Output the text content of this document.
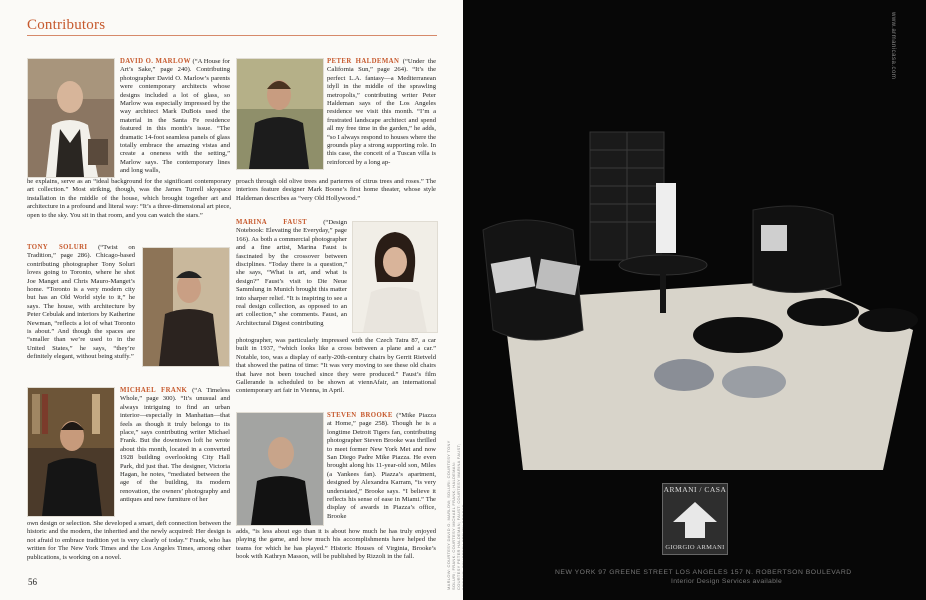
Contributors

DAVID O. MARLOW (“A House for Art’s Sake,” page 240). Contributing photographer David O. Marlow’s parents were contemporary architects whose designs included a lot of glass, so Marlow was especially impressed by the way architect Mark DuBois used the material in the Santa Fe residence featured in this month’s issue. “The dramatic 14-foot seamless panels of glass totally embrace the amazing vistas and create a oneness with the setting,” Marlow says. The contemporary lines and long walls,

he explains, serve as an “ideal background for the significant contemporary art collection.” Most striking, though, was the James Turrell skyspace installation in the middle of the house, which brought together art and architecture in a profound and literal way: “It’s a three-dimensional art piece, open to the sky. You sit in that room, and you can watch the stars.”

TONY SOLURI (“Twist on Tradition,” page 286). Chicago-based contributing photographer Tony Soluri loves going to Toronto, where he shot Joe Manget and Chris Mauro-Manget’s home. “Toronto is a very modern city but has an Old World style to it,” he says. The house, with architecture by Peter Cebulak and interiors by Katherine Newman, “reflects a lot of what Toronto is about.” And though the spaces are “smaller than we’re used to in the United States,” he says, “they’re definitely elegant, without being stuffy.”

MICHAEL FRANK (“A Timeless Whole,” page 300). “It’s unusual and always intriguing to find an urban interior—especially in Manhattan—that feels as though it truly belongs to its place,” says contributing writer Michael Frank. But the downtown loft he wrote about this month, located in a converted 1928 building overlooking City Hall Park, did just that. The designer, Victoria Hagan, he notes, “mediated between the age of the building, its modern renovation, the owners’ photography and antiques and new furniture of her

own design or selection. She developed a smart, deft connection between the historic and the modern, the inherited and the newly acquired: Her design is not afraid to embrace tradition yet is very clearly of today.” Frank, who has written for The New York Times and the Los Angeles Times, among other publications, is working on a novel.

PETER HALDEMAN (“Under the California Sun,” page 264). “It’s the perfect L.A. fantasy—a Mediterranean idyll in the middle of the sprawling metropolis,” contributing writer Peter Haldeman says of the Los Angeles residence we visit this month. “I’m a frustrated landscape architect and spend all my free time in the garden,” he adds, “so I always respond to houses where the grounds play a strong supporting role. In this case, the conceit of a Tuscan villa is reinforced by a long ap-

proach through old olive trees and parterres of citrus trees and roses.” The interiors feature designer Mark Boone’s first home theater, whose style Haldeman describes as “very Old Hollywood.”

MARINA FAUST (“Design Notebook: Elevating the Everyday,” page 166). As both a commercial photographer and a fine artist, Marina Faust is fascinated by the crossover between disciplines. “Today there is a question,” she says, “What is art, and what is design?” Faust’s visit to Die Neue Sammlung in Munich brought this matter into sharper relief. “It is inspiring to see a real design collection, as opposed to an art collection,” she comments. Faust, an Architectural Digest contributing

photographer, was particularly impressed with the Czech Tatra 87, a car built in 1937, “which looks like a cross between a plane and a car.” Notable, too, was a display of early-20th-century chairs by Gerrit Rietveld that showed the patina of time: “It was very moving to see these old chairs that have not been touched since they were produced.” Faust’s film Gallerande is scheduled to be shown at viennAfair, an international contemporary art fair in Vienna, in April.

STEVEN BROOKE (“Mike Piazza at Home,” page 258). Though he is a longtime Detroit Tigers fan, contributing photographer Steven Brooke was thrilled to meet former New York Met and now San Diego Padre Mike Piazza. He even brought along his 11-year-old son, Miles (a Yankees fan). Piazza’s apartment, designed by Alexandra Karram, “is very understated,” Brooke says. “I believe it reflects his sense of ease in Miami.” The display of awards in Piazza’s office, Brooke

adds, “is less about ego than it is about how much he has truly enjoyed playing the game, and how much his accomplishments have helped the teams for which he has played.” Historic Houses of Virginia, Brooke’s book with Kathryn Masson, will be published by Rizzoli in the fall.

56	MARLOW: COURTESY DAVID O. MARLOW; SOLURI: COURTESY TONY SOLURI; FRANK: COURTESY MICHAEL FRANK; HALDEMAN: COURTESY PETER HALDEMAN; FAUST: COURTESY MARINA FAUST;
www.armanicasa.com
ARMANI / CASA
GIORGIO ARMANI
NEW YORK 97 GREENE STREET LOS ANGELES 157 N. ROBERTSON BOULEVARD
Interior Design Services available
